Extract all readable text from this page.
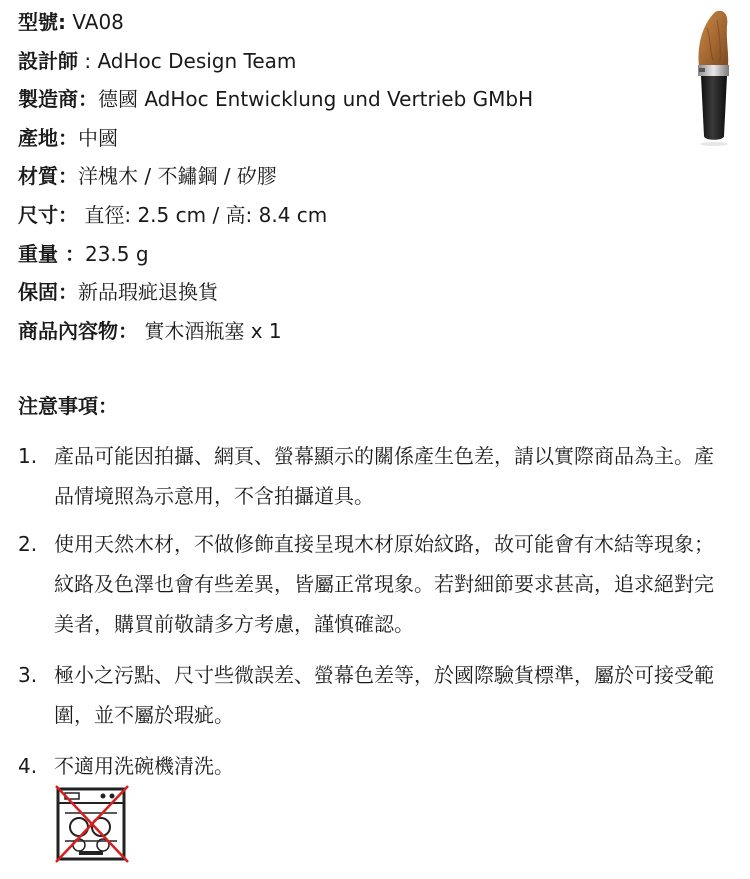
型號: VA08
設計師 : AdHoc Design Team
製造商：德國 AdHoc Entwicklung und Vertrieb GMbH
產地：中國
材質：洋槐木 / 不鏽鋼 / 矽膠
尺寸： 直徑: 2.5 cm / 高: 8.4 cm
重量 ：23.5 g
保固：新品瑕疵退換貨
商品內容物： 實木酒瓶塞 x 1
注意事項：
1. 產品可能因拍攝、網頁、螢幕顯示的關係產生色差，請以實際商品為主。產品情境照為示意用，不含拍攝道具。
2. 使用天然木材，不做修飾直接呈現木材原始紋路，故可能會有木結等現象；紋路及色澤也會有些差異，皆屬正常現象。若對細節要求甚高，追求絕對完美者，購買前敬請多方考慮，謹慎確認。
3. 極小之污點、尺寸些微誤差、螢幕色差等，於國際驗貨標準，屬於可接受範圍，並不屬於瑕疵。
4. 不適用洗碗機清洗。
